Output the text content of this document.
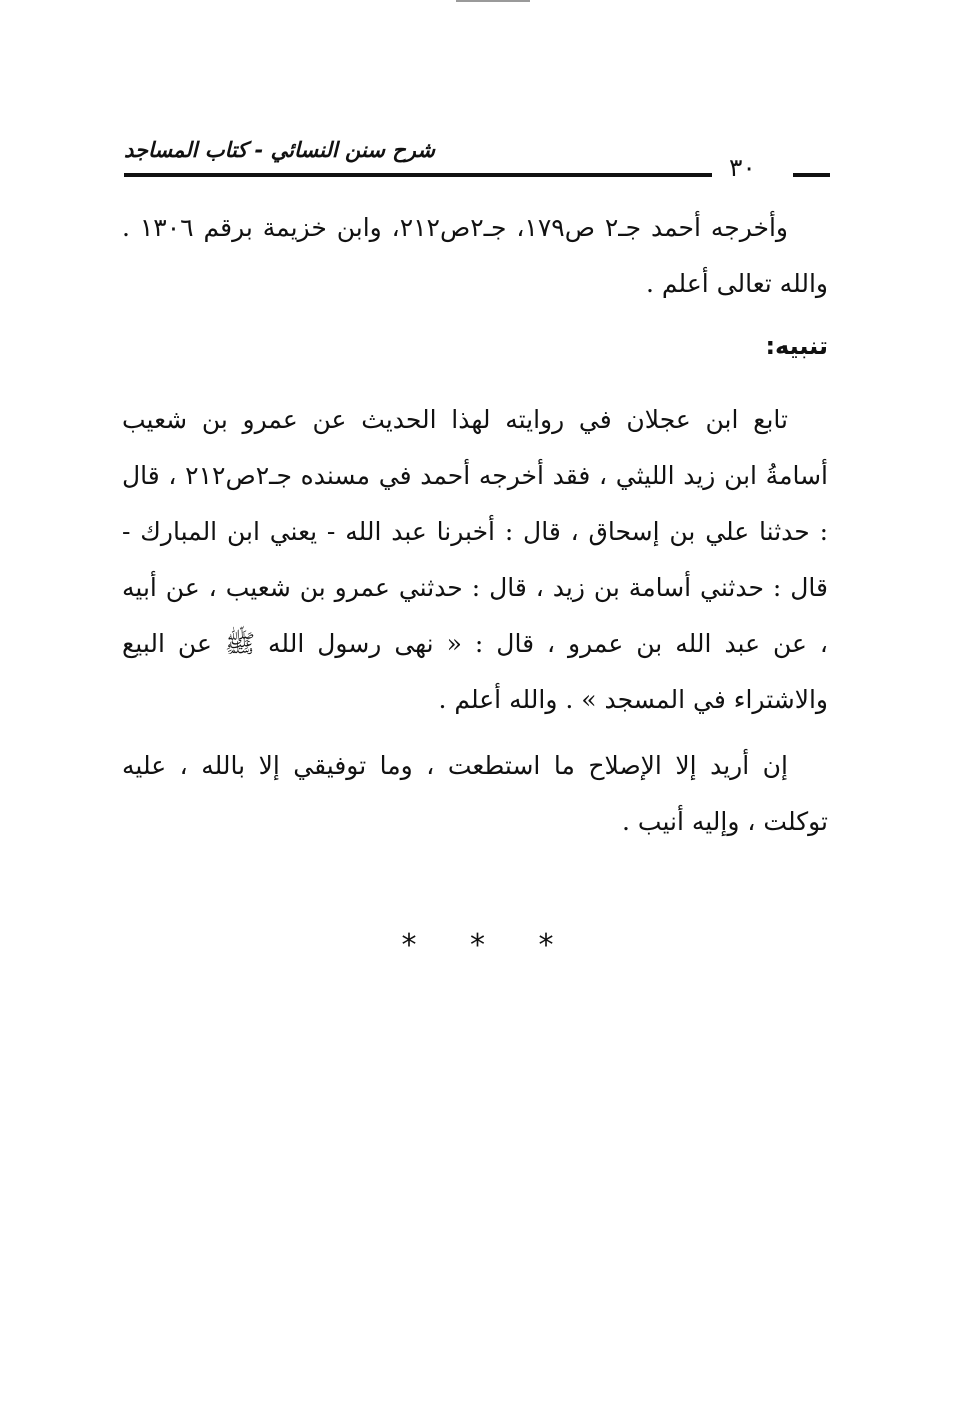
شرح سنن النسائي - كتاب المساجد
٣٠

وأخرجه أحمد جـ٢ ص١٧٩، جـ٢ص٢١٢، وابن خزيمة برقم ١٣٠٦ . والله تعالى أعلم .

تنبيه:

تابع ابن عجلان في روايته لهذا الحديث عن عمرو بن شعيب أسامةُ ابن زيد الليثي ، فقد أخرجه أحمد في مسنده جـ٢ص٢١٢ ، قال : حدثنا علي بن إسحاق ، قال : أخبرنا عبد الله - يعني ابن المبارك - قال : حدثني أسامة بن زيد ، قال : حدثني عمرو بن شعيب ، عن أبيه ، عن عبد الله بن عمرو ، قال : « نهى رسول الله ﷺ عن البيع والاشتراء في المسجد » . والله أعلم .

إن أريد إلا الإصلاح ما استطعت ، وما توفيقي إلا بالله ، عليه توكلت ، وإليه أنيب .

* * *
